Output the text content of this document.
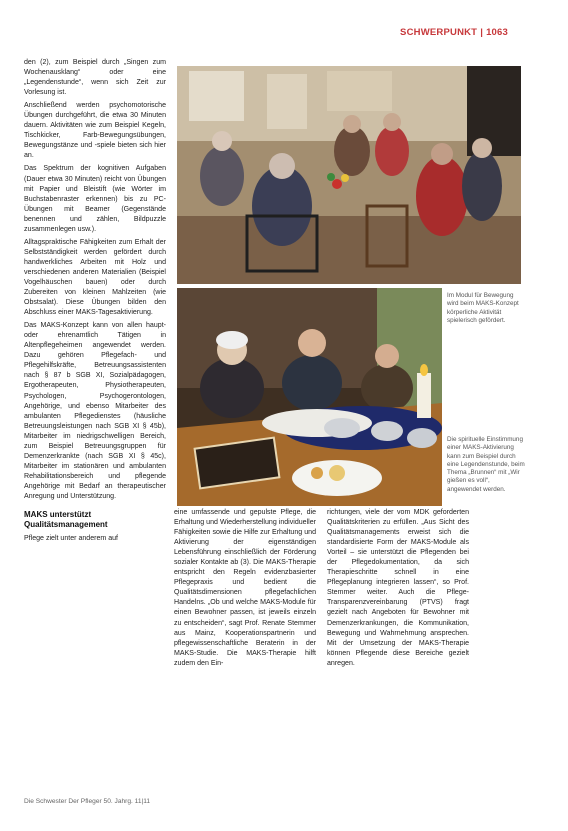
SCHWERPUNKT | 1063

den (2), zum Beispiel durch „Singen zum Wochenausklang“ oder eine „Legendenstunde“, wenn sich Zeit zur Vorlesung ist.

Anschließend werden psychomotorische Übungen durchgeführt, die etwa 30 Minuten dauern. Aktivitäten wie zum Beispiel Kegeln, Tischkicker, Farb-Bewegungsübungen, Bewegungstänze und -spiele bieten sich hier an.

Das Spektrum der kognitiven Aufgaben (Dauer etwa 30 Minuten) reicht von Übungen mit Papier und Bleistift (wie Wörter im Buchstabenraster erkennen) bis zu PC-Übungen mit Beamer (Gegenstände benennen und zählen, Bildpuzzle zusammenlegen usw.).

Alltagspraktische Fähigkeiten zum Erhalt der Selbstständigkeit werden gefördert durch handwerkliches Arbeiten mit Holz und verschiedenen anderen Materialien (Beispiel Vogelhäuschen bauen) oder durch Zubereiten von kleinen Mahlzeiten (wie Obstsalat). Diese Übungen bilden den Abschluss einer MAKS-Tagesaktivierung.

Das MAKS-Konzept kann von allen haupt- oder ehrenamtlich Tätigen in Altenpflegeheimen angewendet werden. Dazu gehören Pflegefach- und Pflegehilfskräfte, Betreuungsassistenten nach § 87 b SGB XI, Sozialpädagogen, Ergotherapeuten, Physiotherapeuten, Psychologen, Psychogerontologen, Angehörige, und ebenso Mitarbeiter des ambulanten Pflegedienstes (häusliche Betreuungsleistungen nach SGB XI § 45b), Mitarbeiter im niedrigschwelligen Bereich, zum Beispiel Betreuungsgruppen für Demenzerkrankte (nach SGB XI § 45c), Mitarbeiter im stationären und ambulanten Rehabilitationsbereich und pflegende Angehörige mit Bedarf an therapeutischer Anregung und Unterstützung.

MAKS unterstützt
Qualitätsmanagement

Pflege zielt unter anderem auf

Im Modul für Bewegung wird beim MAKS-Konzept körperliche Aktivität spielerisch gefördert.
Die spirituelle Einstimmung einer MAKS-Aktivierung kann zum Beispiel durch eine Legendenstunde, beim Thema „Brunnen“ mit „Wir gießen es voll“, angewendet werden.

eine umfassende und gepulste Pflege, die Erhaltung und Wiederherstellung individueller Fähigkeiten sowie die Hilfe zur Erhaltung und Aktivierung der eigenständigen Lebensführung einschließlich der Förderung sozialer Kontakte ab (3). Die MAKS-Therapie entspricht den Regeln evidenzbasierter Pflegepraxis und bedient die Qualitätsdimensionen pflegefachlichen Handelns. „Ob und welche MAKS-Module für einen Bewohner passen, ist jeweils einzeln zu entscheiden“, sagt Prof. Renate Stemmer aus Mainz, Kooperationspartnerin und pflegewissenschaftliche Beraterin in der MAKS-Studie. Die MAKS-Therapie hilft zudem den Ein-

richtungen, viele der vom MDK geforderten Qualitätskriterien zu erfüllen. „Aus Sicht des Qualitätsmanagements erweist sich die standardisierte Form der MAKS-Module als Vorteil – sie unterstützt die Pflegenden bei der Pflegedokumentation, da sich Therapieschritte schnell in eine Pflegeplanung integrieren lassen“, so Prof. Stemmer weiter. Auch die Pflege-Transparenzvereinbarung (PTVS) fragt gezielt nach Angeboten für Bewohner mit Demenzerkrankungen, die Kommunikation, Bewegung und Wahrnehmung ansprechen. Mit der Umsetzung der MAKS-Therapie können Pflegende diese Bereiche gezielt anregen.

Die Schwester Der Pfleger 50. Jahrg. 11|11
